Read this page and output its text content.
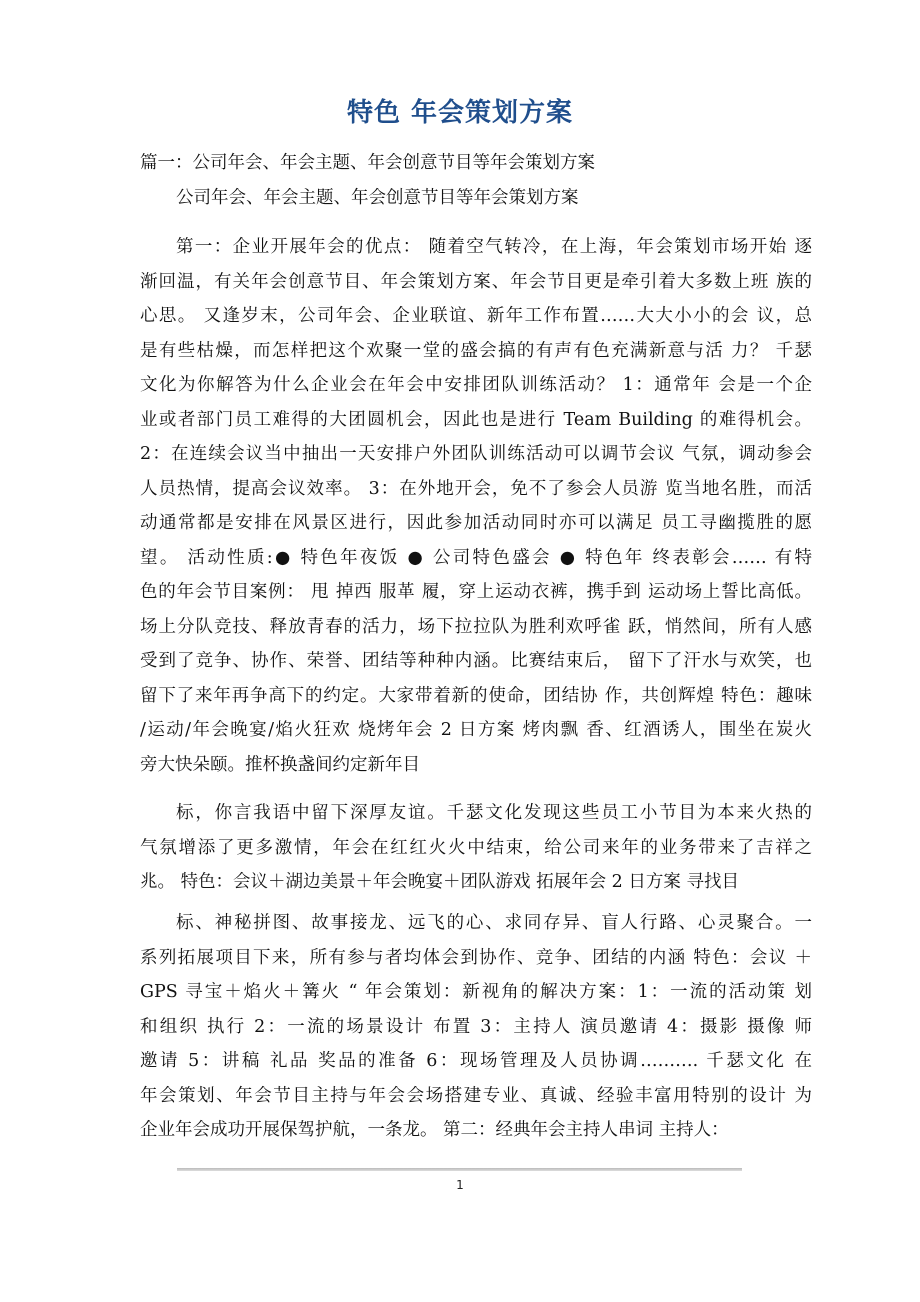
特色 年会策划方案
篇一：公司年会、年会主题、年会创意节目等年会策划方案
公司年会、年会主题、年会创意节目等年会策划方案
第一：企业开展年会的优点： 随着空气转冷，在上海，年会策划市场开始 逐
渐回温，有关年会创意节目、年会策划方案、年会节目更是牵引着大多数上班 族的
心思。 又逢岁末，公司年会、企业联谊、新年工作布置……大大小小的会 议，总
是有些枯燥，而怎样把这个欢聚一堂的盛会搞的有声有色充满新意与活 力？ 千瑟
文化为你解答为什么企业会在年会中安排团队训练活动？ 1：通常年 会是一个企
业或者部门员工难得的大团圆机会，因此也是进行 Team Building 的难得机会。
2：在连续会议当中抽出一天安排户外团队训练活动可以调节会议 气氛，调动参会
人员热情，提高会议效率。 3：在外地开会，免不了参会人员游 览当地名胜，而活
动通常都是安排在风景区进行，因此参加活动同时亦可以满足 员工寻幽揽胜的愿
望。 活动性质:● 特色年夜饭 ● 公司特色盛会 ● 特色年 终表彰会…… 有特
色的年会节目案例： 甩 掉西 服革 履，穿上运动衣裤，携手到 运动场上誓比高低。
场上分队竞技、释放青春的活力，场下拉拉队为胜利欢呼雀 跃，悄然间，所有人感
受到了竞争、协作、荣誉、团结等种种内涵。比赛结束后， 留下了汗水与欢笑，也
留下了来年再争高下的约定。大家带着新的使命，团结协 作，共创辉煌 特色：趣味
/运动/年会晚宴/焰火狂欢 烧烤年会 2 日方案 烤肉飘 香、红酒诱人，围坐在炭火
旁大快朵颐。推杯换盏间约定新年目
标，你言我语中留下深厚友谊。千瑟文化发现这些员工小节目为本来火热的
气氛增添了更多激情，年会在红红火火中结束，给公司来年的业务带来了吉祥之
兆。 特色：会议＋湖边美景＋年会晚宴＋团队游戏 拓展年会 2 日方案 寻找目
标、神秘拼图、故事接龙、远飞的心、求同存异、盲人行路、心灵聚合。一
系列拓展项目下来，所有参与者均体会到协作、竞争、团结的内涵 特色：会议 ＋
GPS 寻宝＋焰火＋篝火 “ 年会策划：新视角的解决方案：1：一流的活动策 划
和组织 执行 2：一流的场景设计 布置 3：主持人 演员邀请 4：摄影 摄像 师
邀请 5：讲稿 礼品 奖品的准备 6：现场管理及人员协调………. 千瑟文化 在
年会策划、年会节目主持与年会会场搭建专业、真诚、经验丰富用特别的设计 为
企业年会成功开展保驾护航，一条龙。 第二：经典年会主持人串词 主持人：
1
